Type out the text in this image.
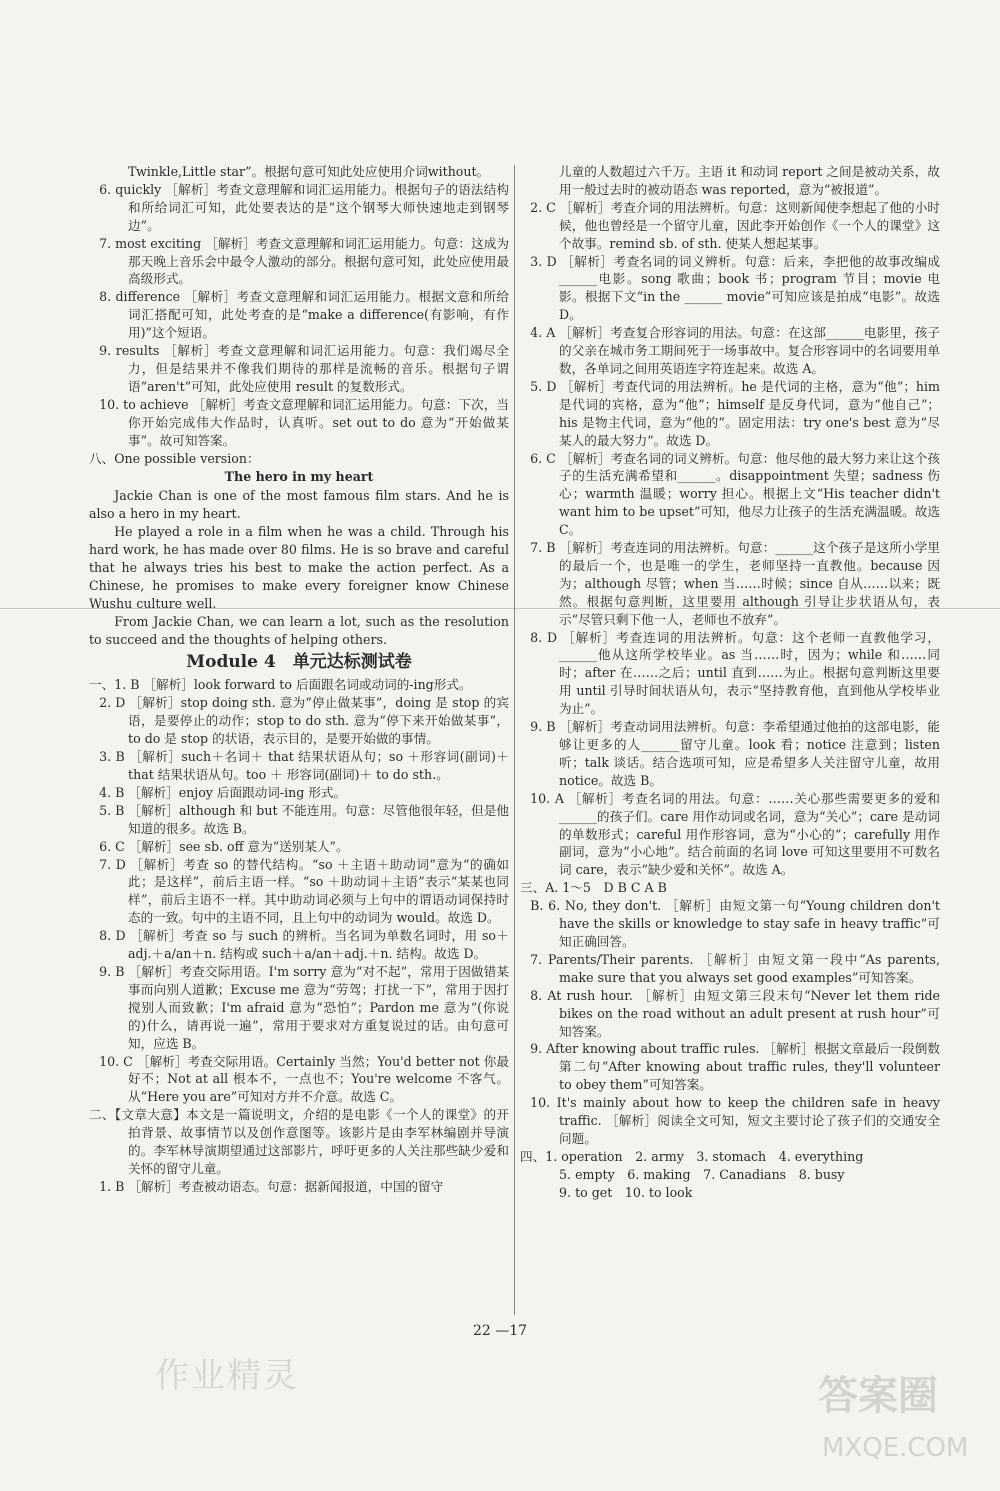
Twinkle,Little star”。根据句意可知此处应使用介词without。

6. quickly ［解析］考查文意理解和词汇运用能力。根据句子的语法结构和所给词汇可知，此处要表达的是“这个钢琴大师快速地走到钢琴边”。

7. most exciting ［解析］考查文意理解和词汇运用能力。句意：这成为那天晚上音乐会中最令人激动的部分。根据句意可知，此处应使用最高级形式。

8. difference ［解析］考查文意理解和词汇运用能力。根据文意和所给词汇搭配可知，此处考查的是“make a difference(有影响，有作用)”这个短语。

9. results ［解析］考查文意理解和词汇运用能力。句意：我们竭尽全力，但是结果并不像我们期待的那样是流畅的音乐。根据句子谓语“aren't”可知，此处应使用 result 的复数形式。

10. to achieve ［解析］考查文意理解和词汇运用能力。句意：下次，当你开始完成伟大作品时，认真听。set out to do 意为“开始做某事”。故可知答案。

八、One possible version：

The hero in my heart

Jackie Chan is one of the most famous film stars. And he is also a hero in my heart.

He played a role in a film when he was a child. Through his hard work, he has made over 80 films. He is so brave and careful that he always tries his best to make the action perfect. As a Chinese, he promises to make every foreigner know Chinese Wushu culture well.

From Jackie Chan, we can learn a lot, such as the resolution to succeed and the thoughts of helping others.

Module 4　单元达标测试卷

一、1. B ［解析］look forward to 后面跟名词或动词的-ing形式。

2. D ［解析］stop doing sth. 意为“停止做某事”，doing 是 stop 的宾语，是要停止的动作；stop to do sth. 意为“停下来开始做某事”，to do 是 stop 的状语，表示目的，是要开始做的事情。

3. B ［解析］such＋名词＋ that 结果状语从句；so ＋形容词(副词)＋ that 结果状语从句。too ＋ 形容词(副词)＋ to do sth.。

4. B ［解析］enjoy 后面跟动词-ing 形式。

5. B ［解析］although 和 but 不能连用。句意：尽管他很年轻，但是他知道的很多。故选 B。

6. C ［解析］see sb. off 意为“送别某人”。

7. D ［解析］考查 so 的替代结构。“so ＋主语＋助动词”意为“的确如此；是这样”，前后主语一样。“so ＋助动词＋主语”表示“某某也同样”，前后主语不一样。其中助动词必须与上句中的谓语动词保持时态的一致。句中的主语不同，且上句中的动词为 would。故选 D。

8. D ［解析］考查 so 与 such 的辨析。当名词为单数名词时，用 so＋adj.＋a/an＋n. 结构或 such＋a/an＋adj.＋n. 结构。故选 D。

9. B ［解析］考查交际用语。I'm sorry 意为“对不起”，常用于因做错某事而向别人道歉；Excuse me 意为“劳驾；打扰一下”，常用于因打搅别人而致歉；I'm afraid 意为“恐怕”；Pardon me 意为“(你说的)什么，请再说一遍”，常用于要求对方重复说过的话。由句意可知，应选 B。

10. C ［解析］考查交际用语。Certainly 当然；You'd better not 你最好不；Not at all 根本不，一点也不；You're welcome 不客气。从“Here you are”可知对方并不介意。故选 C。

二、【文章大意】本文是一篇说明文，介绍的是电影《一个人的课堂》的开拍背景、故事情节以及创作意图等。该影片是由李军林编剧并导演的。李军林导演期望通过这部影片，呼吁更多的人关注那些缺少爱和关怀的留守儿童。

1. B ［解析］考查被动语态。句意：据新闻报道，中国的留守

儿童的人数超过六千万。主语 it 和动词 report 之间是被动关系，故用一般过去时的被动语态 was reported，意为“被报道”。

2. C ［解析］考查介词的用法辨析。句意：这则新闻使李想起了他的小时候，他也曾经是一个留守儿童，因此李开始创作《一个人的课堂》这个故事。remind sb. of sth. 使某人想起某事。

3. D ［解析］考查名词的词义辨析。句意：后来，李把他的故事改编成______电影。song 歌曲；book 书；program 节目；movie 电影。根据下文“in the ______ movie”可知应该是拍成“电影”。故选 D。

4. A ［解析］考查复合形容词的用法。句意：在这部______电影里，孩子的父亲在城市务工期间死于一场事故中。复合形容词中的名词要用单数，各单词之间用英语连字符连起来。故选 A。

5. D ［解析］考查代词的用法辨析。he 是代词的主格，意为“他”；him 是代词的宾格，意为“他”；himself 是反身代词，意为“他自己”；his 是物主代词，意为“他的”。固定用法：try one's best 意为“尽某人的最大努力”。故选 D。

6. C ［解析］考查名词的词义辨析。句意：他尽他的最大努力来让这个孩子的生活充满希望和______。disappointment 失望；sadness 伤心；warmth 温暖；worry 担心。根据上文“His teacher didn't want him to be upset”可知，他尽力让孩子的生活充满温暖。故选 C。

7. B ［解析］考查连词的用法辨析。句意：______这个孩子是这所小学里的最后一个，也是唯一的学生，老师坚持一直教他。because 因为；although 尽管；when 当……时候；since 自从……以来；既然。根据句意判断，这里要用 although 引导让步状语从句，表示“尽管只剩下他一人，老师也不放弃”。

8. D ［解析］考查连词的用法辨析。句意：这个老师一直教他学习，______他从这所学校毕业。as 当……时，因为；while 和……同时；after 在……之后；until 直到……为止。根据句意判断这里要用 until 引导时间状语从句，表示“坚持教育他，直到他从学校毕业为止”。

9. B ［解析］考查动词用法辨析。句意：李希望通过他拍的这部电影，能够让更多的人______留守儿童。look 看；notice 注意到；listen 听；talk 谈话。结合选项可知，应是希望多人关注留守儿童，故用 notice。故选 B。

10. A ［解析］考查名词的用法。句意：……关心那些需要更多的爱和______的孩子们。care 用作动词或名词，意为“关心”；care 是动词的单数形式；careful 用作形容词，意为“小心的”；carefully 用作副词，意为“小心地”。结合前面的名词 love 可知这里要用不可数名词 care，表示“缺少爱和关怀”。故选 A。

三、A. 1～5　D B C A B

B. 6. No, they don't. ［解析］由短文第一句“Young children don't have the skills or knowledge to stay safe in heavy traffic”可知正确回答。

7. Parents/Their parents. ［解析］由短文第一段中“As parents, make sure that you always set good examples”可知答案。

8. At rush hour. ［解析］由短文第三段末句“Never let them ride bikes on the road without an adult present at rush hour”可知答案。

9. After knowing about traffic rules. ［解析］根据文章最后一段倒数第二句“After knowing about traffic rules, they'll volunteer to obey them”可知答案。

10. It's mainly about how to keep the children safe in heavy traffic. ［解析］阅读全文可知，短文主要讨论了孩子们的交通安全问题。

四、1. operation　2. army　3. stomach　4. everything

5. empty　6. making　7. Canadians　8. busy

9. to get　10. to look

22 —17
作业精灵	答案圈
MXQE.COM
